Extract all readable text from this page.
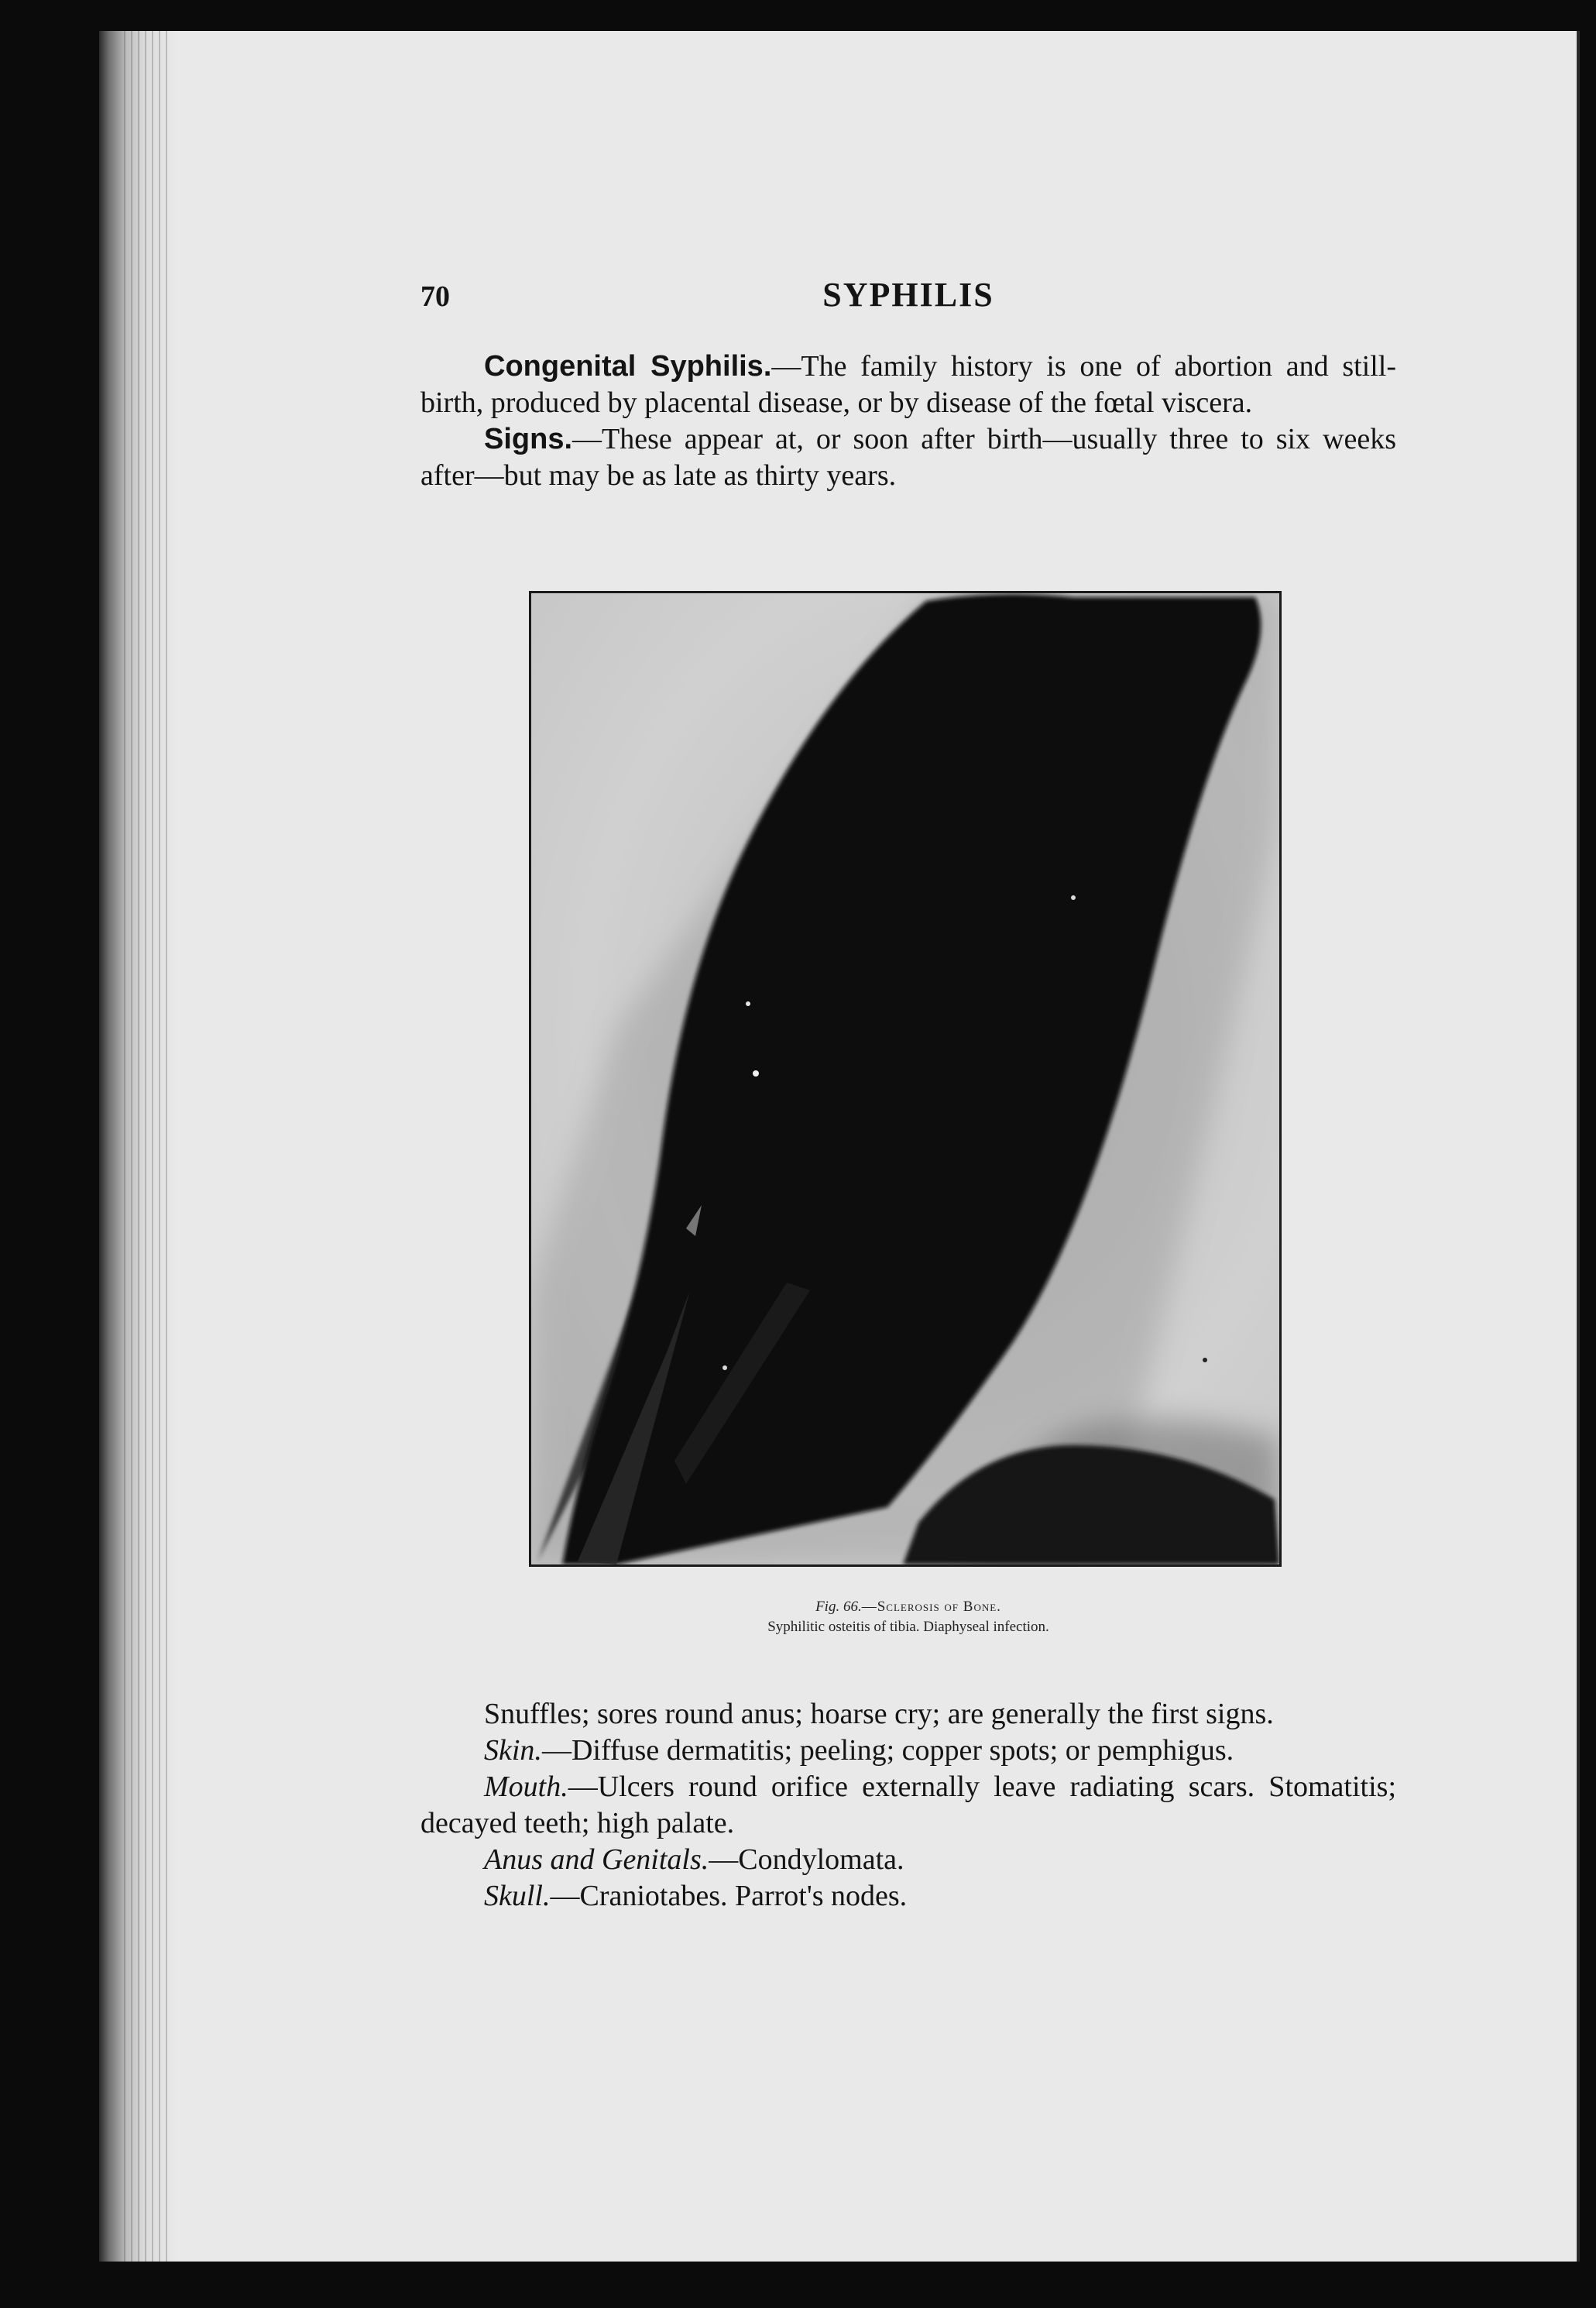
70	SYPHILIS

Congenital Syphilis.—The family history is one of abortion and still-birth, produced by placental disease, or by disease of the fœtal viscera.

Signs.—These appear at, or soon after birth—usually three to six weeks after—but may be as late as thirty years.

Fig. 66.—Sclerosis of Bone.
Syphilitic osteitis of tibia. Diaphyseal infection.

Snuffles; sores round anus; hoarse cry; are generally the first signs.

Skin.—Diffuse dermatitis; peeling; copper spots; or pemphigus.

Mouth.—Ulcers round orifice externally leave radiating scars. Stomatitis; decayed teeth; high palate.

Anus and Genitals.—Condylomata.

Skull.—Craniotabes. Parrot's nodes.
